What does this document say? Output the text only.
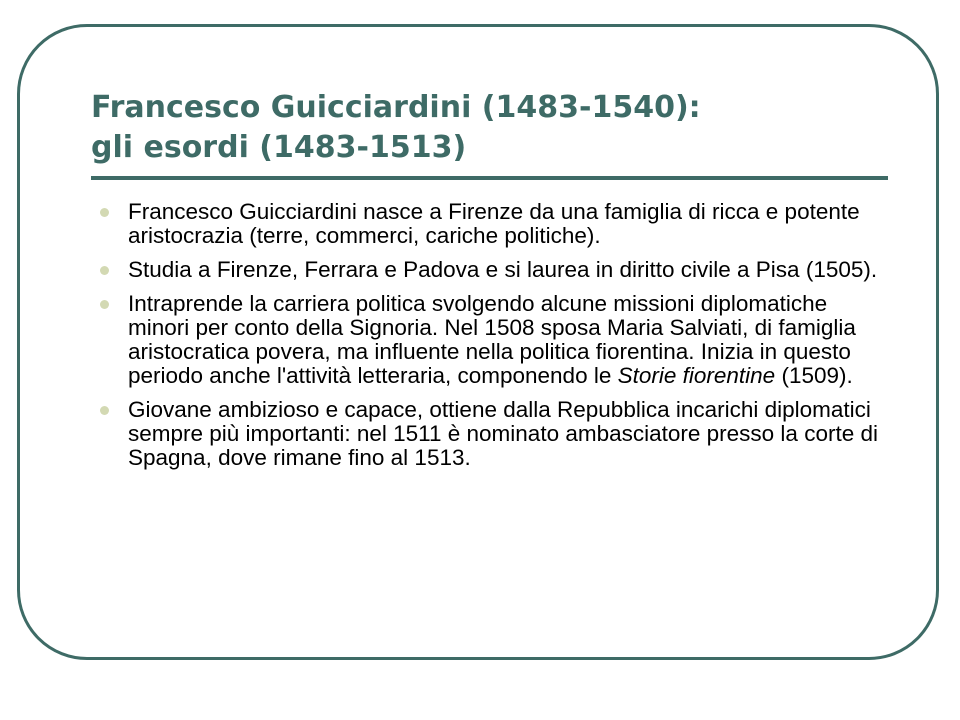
Francesco Guicciardini (1483-1540):
gli esordi (1483-1513)
Francesco Guicciardini nasce a Firenze da una famiglia di ricca e potente aristocrazia (terre, commerci, cariche politiche).
Studia a Firenze, Ferrara e Padova e si laurea in diritto civile a Pisa (1505).
Intraprende la carriera politica svolgendo alcune missioni diplomatiche minori per conto della Signoria. Nel 1508 sposa Maria Salviati, di famiglia aristocratica povera, ma influente nella politica fiorentina. Inizia in questo periodo anche l'attività letteraria, componendo le Storie fiorentine (1509).
Giovane ambizioso e capace, ottiene dalla Repubblica incarichi diplomatici sempre più importanti: nel 1511 è nominato ambasciatore presso la corte di Spagna, dove rimane fino al 1513.
